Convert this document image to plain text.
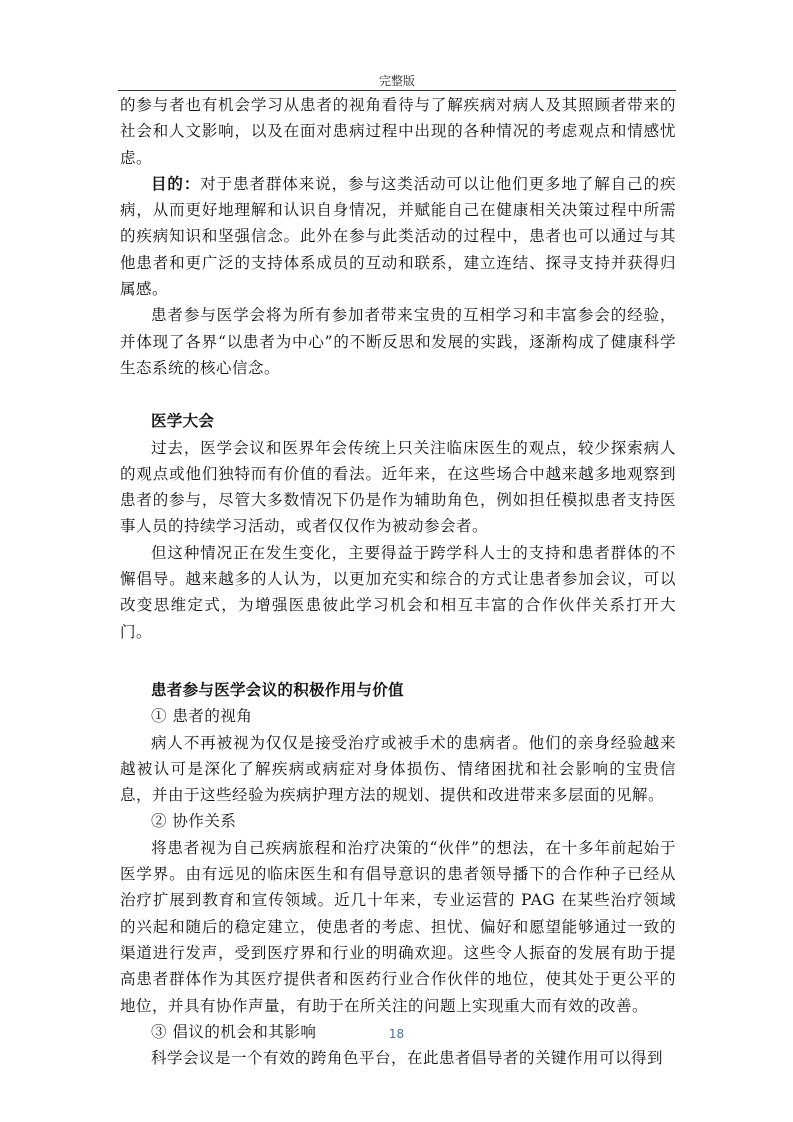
完整版

的参与者也有机会学习从患者的视角看待与了解疾病对病人及其照顾者带来的社会和人文影响，以及在面对患病过程中出现的各种情况的考虑观点和情感忧虑。

目的：对于患者群体来说，参与这类活动可以让他们更多地了解自己的疾病，从而更好地理解和认识自身情况，并赋能自己在健康相关决策过程中所需的疾病知识和坚强信念。此外在参与此类活动的过程中，患者也可以通过与其他患者和更广泛的支持体系成员的互动和联系，建立连结、探寻支持并获得归属感。

患者参与医学会将为所有参加者带来宝贵的互相学习和丰富参会的经验，并体现了各界“以患者为中心”的不断反思和发展的实践，逐渐构成了健康科学生态系统的核心信念。

医学大会

过去，医学会议和医界年会传统上只关注临床医生的观点，较少探索病人的观点或他们独特而有价值的看法。近年来，在这些场合中越来越多地观察到患者的参与，尽管大多数情况下仍是作为辅助角色，例如担任模拟患者支持医事人员的持续学习活动，或者仅仅作为被动参会者。

但这种情况正在发生变化，主要得益于跨学科人士的支持和患者群体的不懈倡导。越来越多的人认为，以更加充实和综合的方式让患者参加会议，可以改变思维定式，为增强医患彼此学习机会和相互丰富的合作伙伴关系打开大门。

患者参与医学会议的积极作用与价值

① 患者的视角

病人不再被视为仅仅是接受治疗或被手术的患病者。他们的亲身经验越来越被认可是深化了解疾病或病症对身体损伤、情绪困扰和社会影响的宝贵信息，并由于这些经验为疾病护理方法的规划、提供和改进带来多层面的见解。

② 协作关系

将患者视为自己疾病旅程和治疗决策的“伙伴”的想法，在十多年前起始于医学界。由有远见的临床医生和有倡导意识的患者领导播下的合作种子已经从治疗扩展到教育和宣传领域。近几十年来，专业运营的 PAG 在某些治疗领域的兴起和随后的稳定建立，使患者的考虑、担忧、偏好和愿望能够通过一致的渠道进行发声，受到医疗界和行业的明确欢迎。这些令人振奋的发展有助于提高患者群体作为其医疗提供者和医药行业合作伙伴的地位，使其处于更公平的地位，并具有协作声量，有助于在所关注的问题上实现重大而有效的改善。

③ 倡议的机会和其影响

科学会议是一个有效的跨角色平台，在此患者倡导者的关键作用可以得到

18
